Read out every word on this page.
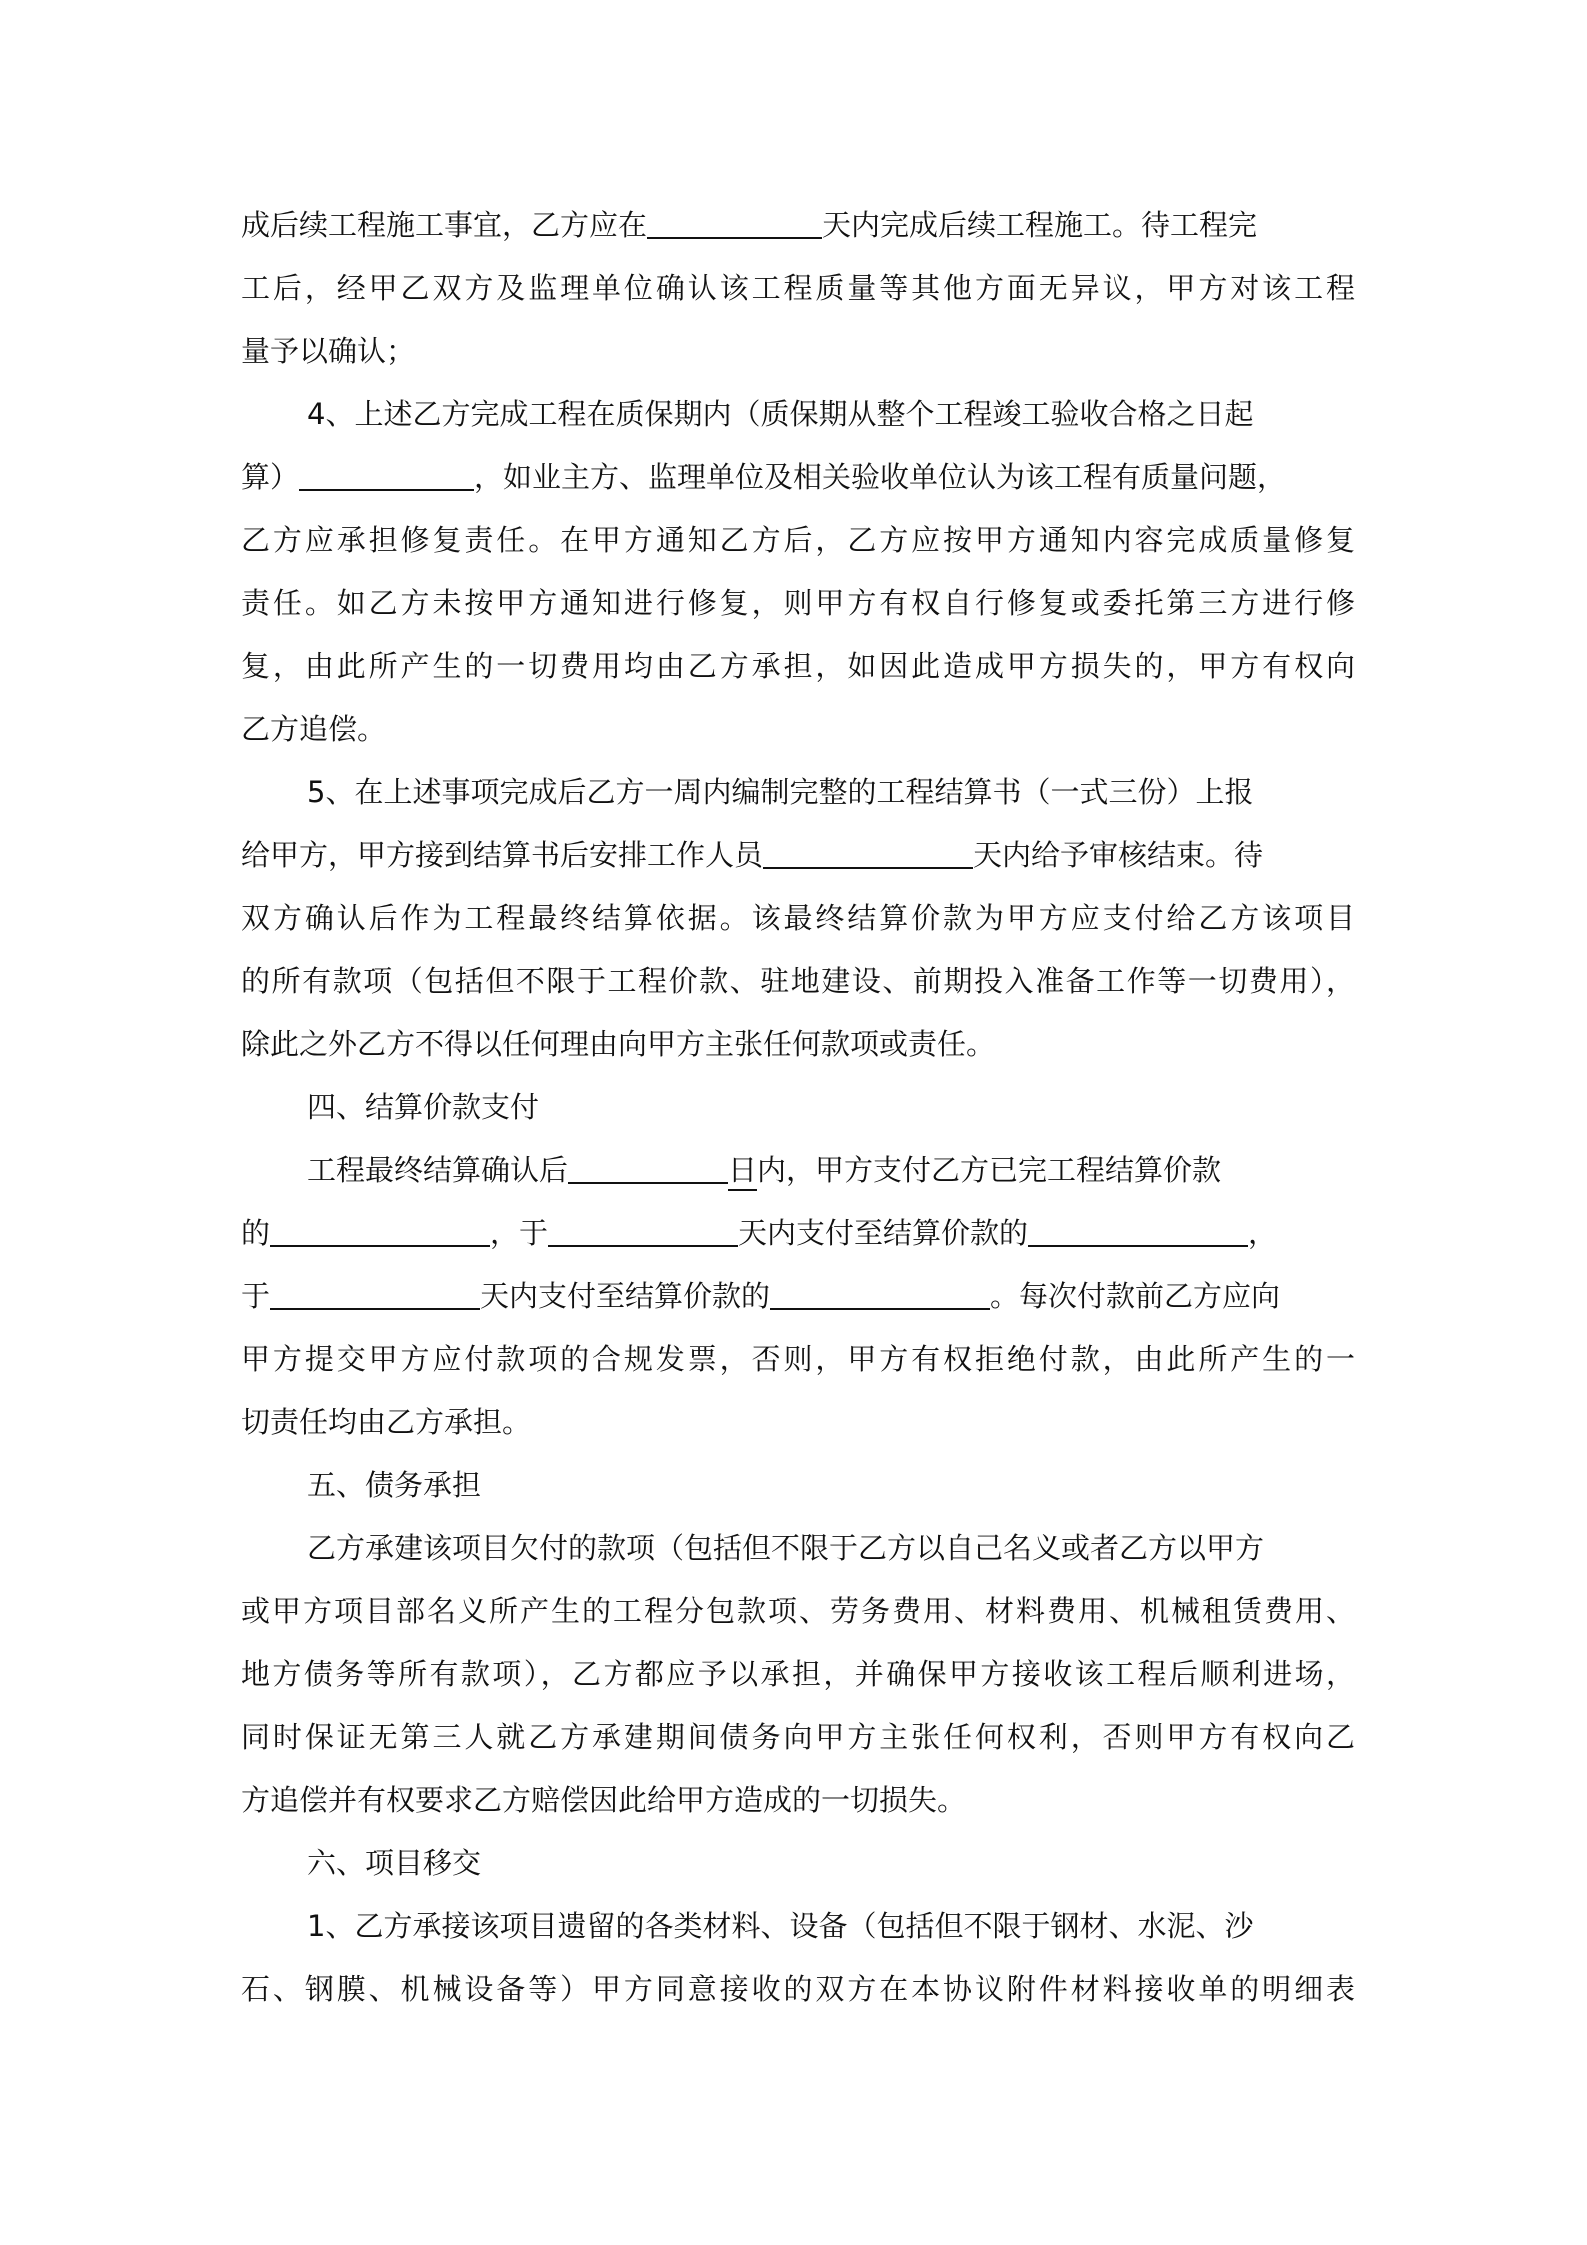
成后续工程施工事宜，乙方应在	天内完成后续工程施工。待工程完
工后，经甲乙双方及监理单位确认该工程质量等其他方面无异议，甲方对该工程
量予以确认；
4、上述乙方完成工程在质保期内（质保期从整个工程竣工验收合格之日起
算）	，如业主方、监理单位及相关验收单位认为该工程有质量问题，
乙方应承担修复责任。在甲方通知乙方后，乙方应按甲方通知内容完成质量修复
责任。如乙方未按甲方通知进行修复，则甲方有权自行修复或委托第三方进行修
复，由此所产生的一切费用均由乙方承担，如因此造成甲方损失的，甲方有权向
乙方追偿。
5、在上述事项完成后乙方一周内编制完整的工程结算书（一式三份）上报
给甲方，甲方接到结算书后安排工作人员	天内给予审核结束。待
双方确认后作为工程最终结算依据。该最终结算价款为甲方应支付给乙方该项目
的所有款项（包括但不限于工程价款、驻地建设、前期投入准备工作等一切费用），
除此之外乙方不得以任何理由向甲方主张任何款项或责任。
四、结算价款支付
工程最终结算确认后	日内，甲方支付乙方已完工程结算价款
的	，于	天内支付至结算价款的	，
于	天内支付至结算价款的	。每次付款前乙方应向
甲方提交甲方应付款项的合规发票，否则，甲方有权拒绝付款，由此所产生的一
切责任均由乙方承担。
五、债务承担
乙方承建该项目欠付的款项（包括但不限于乙方以自己名义或者乙方以甲方
或甲方项目部名义所产生的工程分包款项、劳务费用、材料费用、机械租赁费用、
地方债务等所有款项），乙方都应予以承担，并确保甲方接收该工程后顺利进场，
同时保证无第三人就乙方承建期间债务向甲方主张任何权利，否则甲方有权向乙
方追偿并有权要求乙方赔偿因此给甲方造成的一切损失。
六、项目移交
1、乙方承接该项目遗留的各类材料、设备（包括但不限于钢材、水泥、沙
石、钢膜、机械设备等）甲方同意接收的双方在本协议附件材料接收单的明细表
